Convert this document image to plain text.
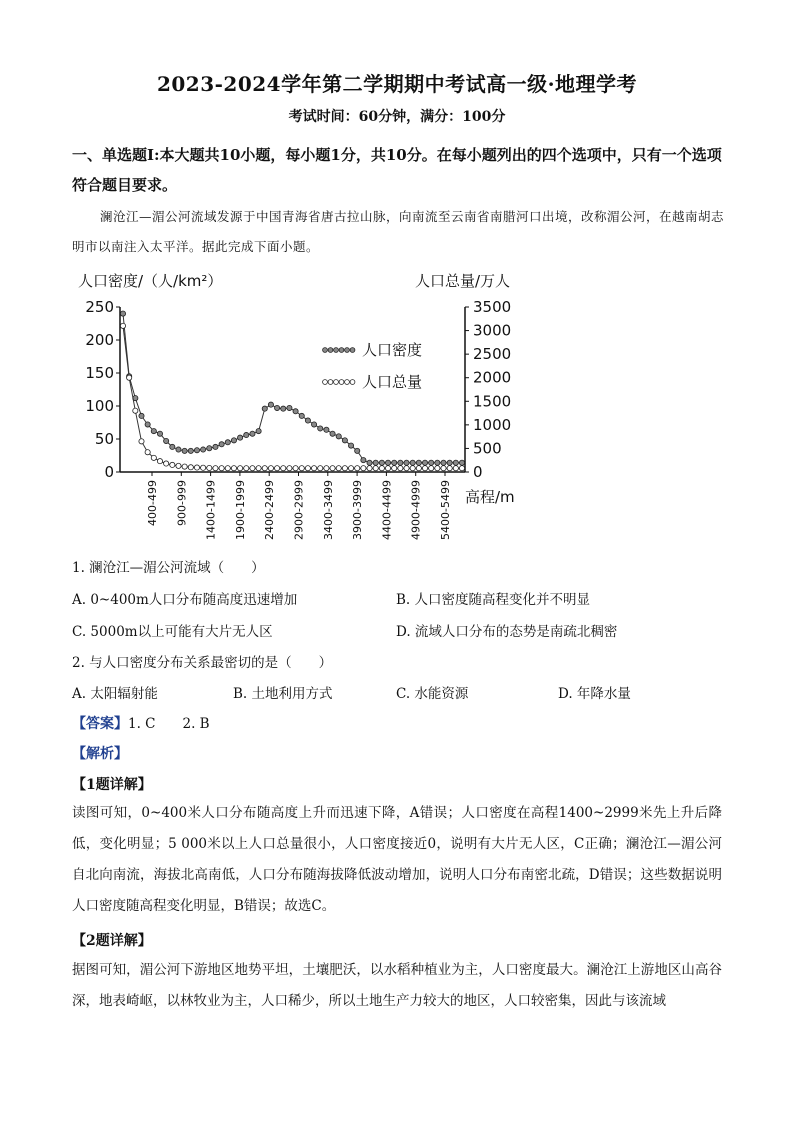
2023-2024学年第二学期期中考试高一级·地理学考
考试时间：60分钟，满分：100分
一、单选题Ⅰ:本大题共10小题，每小题1分，共10分。在每小题列出的四个选项中，只有一个选项符合题目要求。
澜沧江—湄公河流域发源于中国青海省唐古拉山脉，向南流至云南省南腊河口出境，改称湄公河，在越南胡志明市以南注入太平洋。据此完成下面小题。
人口密度/（人/km²）	人口总量/万人
0
50
100
150
200
250
0
500
1000
1500
2000
2500
3000
3500
400-499 900-999 1400-1499 1900-1999 2400-2499 2900-2999 3400-3499 3900-3999 4400-4499 4900-4999 5400-5499 高程/m
人口密度
人口总量
1. 澜沧江—湄公河流域（　　）
A. 0~400m人口分布随高度迅速增加	B. 人口密度随高程变化并不明显
C. 5000m以上可能有大片无人区	D. 流域人口分布的态势是南疏北稠密
2. 与人口密度分布关系最密切的是（　　）
A. 太阳辐射能	B. 土地利用方式	C. 水能资源	D. 年降水量
【答案】1. C　　2. B
【解析】
【1题详解】
读图可知，0~400米人口分布随高度上升而迅速下降，A错误；人口密度在高程1400~2999米先上升后降低，变化明显；5 000米以上人口总量很小，人口密度接近0，说明有大片无人区，C正确；澜沧江—湄公河自北向南流，海拔北高南低，人口分布随海拔降低波动增加，说明人口分布南密北疏，D错误；这些数据说明人口密度随高程变化明显，B错误；故选C。
【2题详解】
据图可知，湄公河下游地区地势平坦，土壤肥沃，以水稻种植业为主，人口密度最大。澜沧江上游地区山高谷深，地表崎岖，以林牧业为主，人口稀少，所以土地生产力较大的地区，人口较密集，因此与该流域
